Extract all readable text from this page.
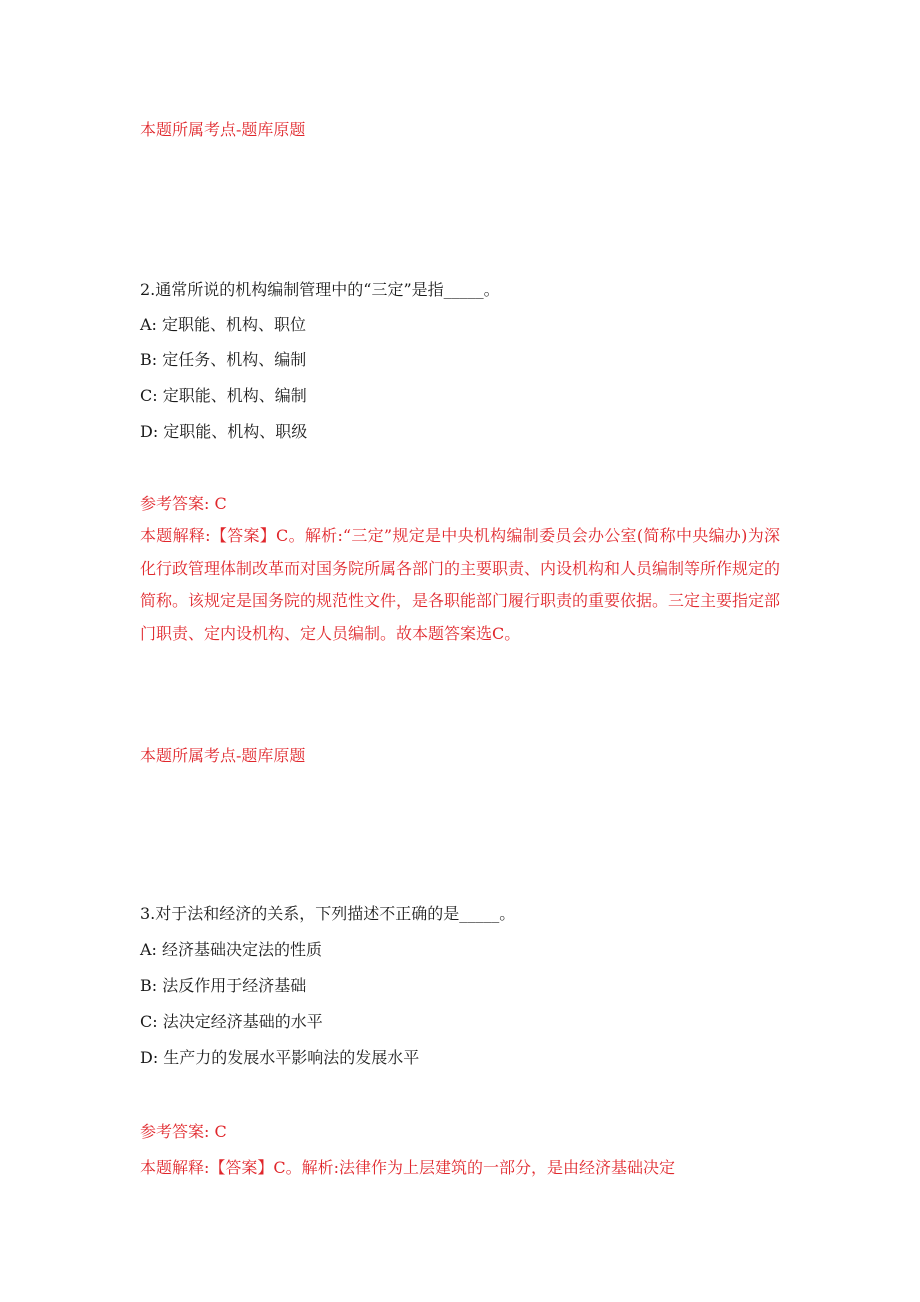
本题所属考点-题库原题

2.通常所说的机构编制管理中的“三定”是指_____。

A: 定职能、机构、职位

B: 定任务、机构、编制

C: 定职能、机构、编制

D: 定职能、机构、职级

参考答案: C

本题解释:【答案】C。解析:“三定”规定是中央机构编制委员会办公室(简称中央编办)为深化行政管理体制改革而对国务院所属各部门的主要职责、内设机构和人员编制等所作规定的简称。该规定是国务院的规范性文件，是各职能部门履行职责的重要依据。三定主要指定部门职责、定内设机构、定人员编制。故本题答案选C。

本题所属考点-题库原题

3.对于法和经济的关系，下列描述不正确的是_____。

A: 经济基础决定法的性质

B: 法反作用于经济基础

C: 法决定经济基础的水平

D: 生产力的发展水平影响法的发展水平

参考答案: C

本题解释:【答案】C。解析:法律作为上层建筑的一部分，是由经济基础决定
